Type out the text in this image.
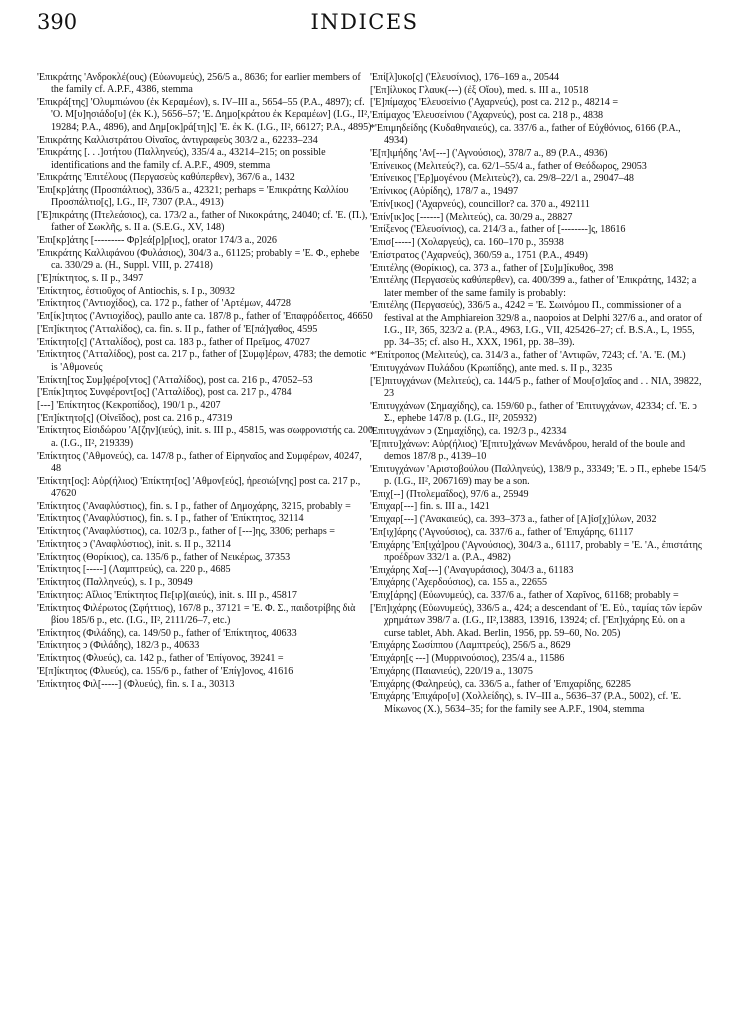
390	INDICES

'Επικράτης 'Ανδροκλέ(ους) (Εὐωνυμεύς), 256/5 a., 8636; for earlier members of the family cf. A.P.F., 4386, stemma

'Επικρά[της] 'Ολυμπιώνου (ἐκ Κεραμέων), s. IV–III a., 5654–55 (P.A., 4897); cf. 'Ο. Μ[υ]ησιάδο[υ] (ἐκ Κ.), 5656–57; 'Ε. Δημο[κράτου ἐκ Κεραμέων] (I.G., II², 19284; P.A., 4896), and Δημ[οκ]ρά[τη]ς] 'Ε. ἐκ Κ. (I.G., II², 66127; P.A., 4895)

'Επικράτης Καλλιστράτου Οἰναῖος, ἀντιγραφεὺς 303/2 a., 62233–234

'Επικράτης [. . .]οτήτου (Παλληνεύς), 335/4 a., 43214–215; on possible identifications and the family cf. A.P.F., 4909, stemma

'Επικράτης 'Επιτέλους (Περγασεὺς καθύπερθεν), 367/6 a., 1432

'Επι[κρ]άτης (Προσπάλτιος), 336/5 a., 42321; perhaps = 'Επικράτης Καλλίου Προσπάλτιο[ς], I.G., II², 7307 (P.A., 4913)

['Ε]πικράτης (Πτελεάσιος), ca. 173/2 a., father of Νικοκράτης, 24040; cf. 'Ε. (Π.), father of Σωκλῆς, s. II a. (S.E.G., XV, 148)

'Επι[κρ]άτης [--------- Φρ]εά[ρ]ρ[ιος], orator 174/3 a., 2026

'Επικράτης Καλλιφάνου (Φυλάσιος), 304/3 a., 61125; probably = 'Ε. Φ., ephebe ca. 330/29 a. (H., Suppl. VIII, p. 27418)

['Ε]πίκτητος, s. II p., 3497

'Επίκτητος, ἐστιοῦχος of Antiochis, s. I p., 30932

'Επίκτητος ('Αντιοχίδος), ca. 172 p., father of 'Αρτέμων, 44728

'Επ[ίκ]τητος ('Αντιοχίδος), paullo ante ca. 187/8 p., father of 'Επαφρόδειτος, 46650

['Επ]ίκτητος ('Ατταλίδος), ca. fin. s. II p., father of 'Ε[πά]γαθος, 4595

'Επίκτητο[ς] ('Ατταλίδος), post ca. 183 p., father of Πρεῖμος, 47027

'Επίκτητος ('Ατταλίδος), post ca. 217 p., father of [Συμφ]έρων, 4783; the demotic is 'Αθμονεύς

'Επίκτη[τος Συμ]φέρο[ντος] ('Ατταλίδος), post ca. 216 p., 47052–53

['Επίκ]τητος Συνφέροντ[ος] ('Ατταλίδος), post ca. 217 p., 4784

[---] 'Επίκτητος (Κεκροπίδος), 190/1 p., 4207

['Επ]ίκτητο[ς] (Οἰνεῖδος), post ca. 216 p., 47319

'Επίκτητος Εἰσιδώρου 'Α[ζην](ιεύς), init. s. III p., 45815, was σωφρονιστής ca. 200 a. (I.G., II², 219339)

'Επίκτητος ('Αθμονεύς), ca. 147/8 p., father of Εἰρηναῖος and Συμφέρων, 40247, 48

'Επίκτητ[ος]: Αὐρ(ήλιος) 'Επίκτητ[ος] 'Αθμον[εύς], ἡρεσιώ[νης] post ca. 217 p., 47620

'Επίκτητος ('Αναφλύστιος), fin. s. I p., father of Δημοχάρης, 3215, probably =

'Επίκτητος ('Αναφλύστιος), fin. s. I p., father of 'Επίκτητος, 32114

'Επίκτητος ('Αναφλύστιος), ca. 102/3 p., father of [---]ης, 3306; perhaps =

'Επίκτητος ↄ ('Αναφλύστιος), init. s. II p., 32114

'Επίκτητος (Θορίκιος), ca. 135/6 p., father of Νεικέρως, 37353

'Επίκτητος [-----] (Λαμπτρεύς), ca. 220 p., 4685

'Επίκτητος (Παλληνεύς), s. I p., 30949

'Επίκτητος: Αἴλιος 'Επίκτητος Πε[ιρ](αιεύς), init. s. III p., 45817

'Επίκτητος Φιλέρωτος (Σφήττιος), 167/8 p., 37121 = 'Ε. Φ. Σ., παιδοτρίβης διὰ βίου 185/6 p., etc. (I.G., II², 2111/26–7, etc.)

'Επίκτητος (Φιλάδης), ca. 149/50 p., father of 'Επίκτητος, 40633

'Επίκτητος ↄ (Φιλάδης), 182/3 p., 40633

'Επίκτητος (Φλυεύς), ca. 142 p., father of 'Επίγονος, 39241 =

'Ε[π]ίκτητος (Φλυεύς), ca. 155/6 p., father of 'Επίγ]ονος, 41616

'Επίκτητος Φιλ[-----] (Φλυεύς), fin. s. I a., 30313

'Επί[λ]υκο[ς] ('Ελευσίνιος), 176–169 a., 20544

['Επ]ίλυκος Γλαυκ(---) (ἐξ Οἴου), med. s. III a., 10518

['Ε]πίμαχος 'Ελευσείνιο ('Αχαρνεύς), post ca. 212 p., 48214 =

'Επίμαχος 'Ελευσείνιου ('Αχαρνεύς), post ca. 218 p., 4838

*'Επιμηδείδης (Κυδαθηναιεύς), ca. 337/6 a., father of Εὐχθόνιος, 6166 (P.A., 4934)

'Ε[π]ιμήδης 'Αν[---] ('Αγνούσιος), 378/7 a., 89 (P.A., 4936)

'Επίνεικος (Μελιτεύς?), ca. 62/1–55/4 a., father of Θεόδωρος, 29053

'Επίνεικος ['Ερ]μογένου (Μελιτεὺς?), ca. 29/8–22/1 a., 29047–48

'Επίνικος (Αὐρίδης), 178/7 a., 19497

'Επίν[ικος] ('Αχαρνεύς), councillor? ca. 370 a., 492111

'Επίν[ικ]ος [------] (Μελιτεύς), ca. 30/29 a., 28827

'Επίξενος ('Ελευσίνιος), ca. 214/3 a., father of [--------]ς, 18616

'Επισ[-----] (Χολαργεύς), ca. 160–170 p., 35938

'Επίστρατος ('Αχαρνεύς), 360/59 a., 1751 (P.A., 4949)

'Επιτέλης (Θορίκιος), ca. 373 a., father of [Συ]μ]ίκυθος, 398

'Επιτέλης (Περγασεὺς καθύπερθεν), ca. 400/399 a., father of 'Επικράτης, 1432; a later member of the same family is probably:

'Επιτέλης (Περγασεύς), 336/5 a., 4242 = 'Ε. Σωινόμου Π., commissioner of a festival at the Amphiareion 329/8 a., naopoios at Delphi 327/6 a., and orator of I.G., II², 365, 323/2 a. (P.A., 4963, I.G., VII, 425426–27; cf. B.S.A., L, 1955, pp. 34–35; cf. also H., XXX, 1961, pp. 38–39).

*'Επίτροπος (Μελιτεύς), ca. 314/3 a., father of 'Αντιφῶν, 7243; cf. 'Α. 'Ε. (Μ.)

'Επιτυγχάνων Πυλάδου (Κρωπίδης), ante med. s. II p., 3235

['Ε]πιτυγχάνων (Μελιτεύς), ca. 144/5 p., father of Μου[σ]αῖος and . . ΝΙΛ, 39822, 23

'Επιτυγχάνων (Σημαχίδης), ca. 159/60 p., father of 'Επιτυγχάνων, 42334; cf. 'Ε. ↄ Σ., ephebe 147/8 p. (I.G., II², 205932)

'Επιτυγχάνων ↄ (Σημαχίδης), ca. 192/3 p., 42334

'Ε[πιτυ]χάνων: Αὐρ(ήλιος) 'Ε[πιτυ]χάνων Μενάνδρου, herald of the boule and demos 187/8 p., 4139–10

'Επιτυγχάνων 'Αριστοβούλου (Παλληνεύς), 138/9 p., 33349; 'Ε. ↄ Π., ephebe 154/5 p. (I.G., II², 2067169) may be a son.

'Επιχ[--] (Πτολεμαΐδος), 97/6 a., 25949

'Επιχαρ[---] fin. s. III a., 1421

'Επιχαρ[---] ('Ανακαιεύς), ca. 393–373 a., father of [Α]ἰσ[χ]ύλων, 2032

'Επ[ιχ]άρης ('Αγνούσιος), ca. 337/6 a., father of 'Επιχάρης, 61117

'Επιχάρης 'Επ[ιχά]ρου ('Αγνούσιος), 304/3 a., 61117, probably = 'Ε. 'Α., ἐπιστάτης προέδρων 332/1 a. (P.A., 4982)

'Επιχάρης Χα[---] ('Αναγυράσιος), 304/3 a., 61183

'Επιχάρης ('Αχερδούσιος), ca. 155 a., 22655

'Επιχ[άρης] (Εὐωνυμεύς), ca. 337/6 a., father of Χαρῖνος, 61168; probably =

['Επ]ιχάρης (Εὐωνυμεύς), 336/5 a., 424; a descendant of 'Ε. Εὐ., ταμίας τῶν ἱερῶν χρημάτων 398/7 a. (I.G., II²,13883, 13916, 13924; cf. ['Επ]ιχάρης Εὐ. on a curse tablet, Abh. Akad. Berlin, 1956, pp. 59–60, No. 205)

'Επιχάρης Σωσίππου (Λαμπτρεύς), 256/5 a., 8629

'Επιχάρη[ς ---] (Μυρρινούσιος), 235/4 a., 11586

'Επιχάρης (Παιανιεύς), 220/19 a., 13075

'Επιχάρης (Φαληρεύς), ca. 336/5 a., father of 'Επιχαρίδης, 62285

'Επιχάρης 'Επιχάρο[υ] (Χολλείδης), s. IV–III a., 5636–37 (P.A., 5002), cf. 'Ε. Μίκωνος (Χ.), 5634–35; for the family see A.P.F., 1904, stemma
